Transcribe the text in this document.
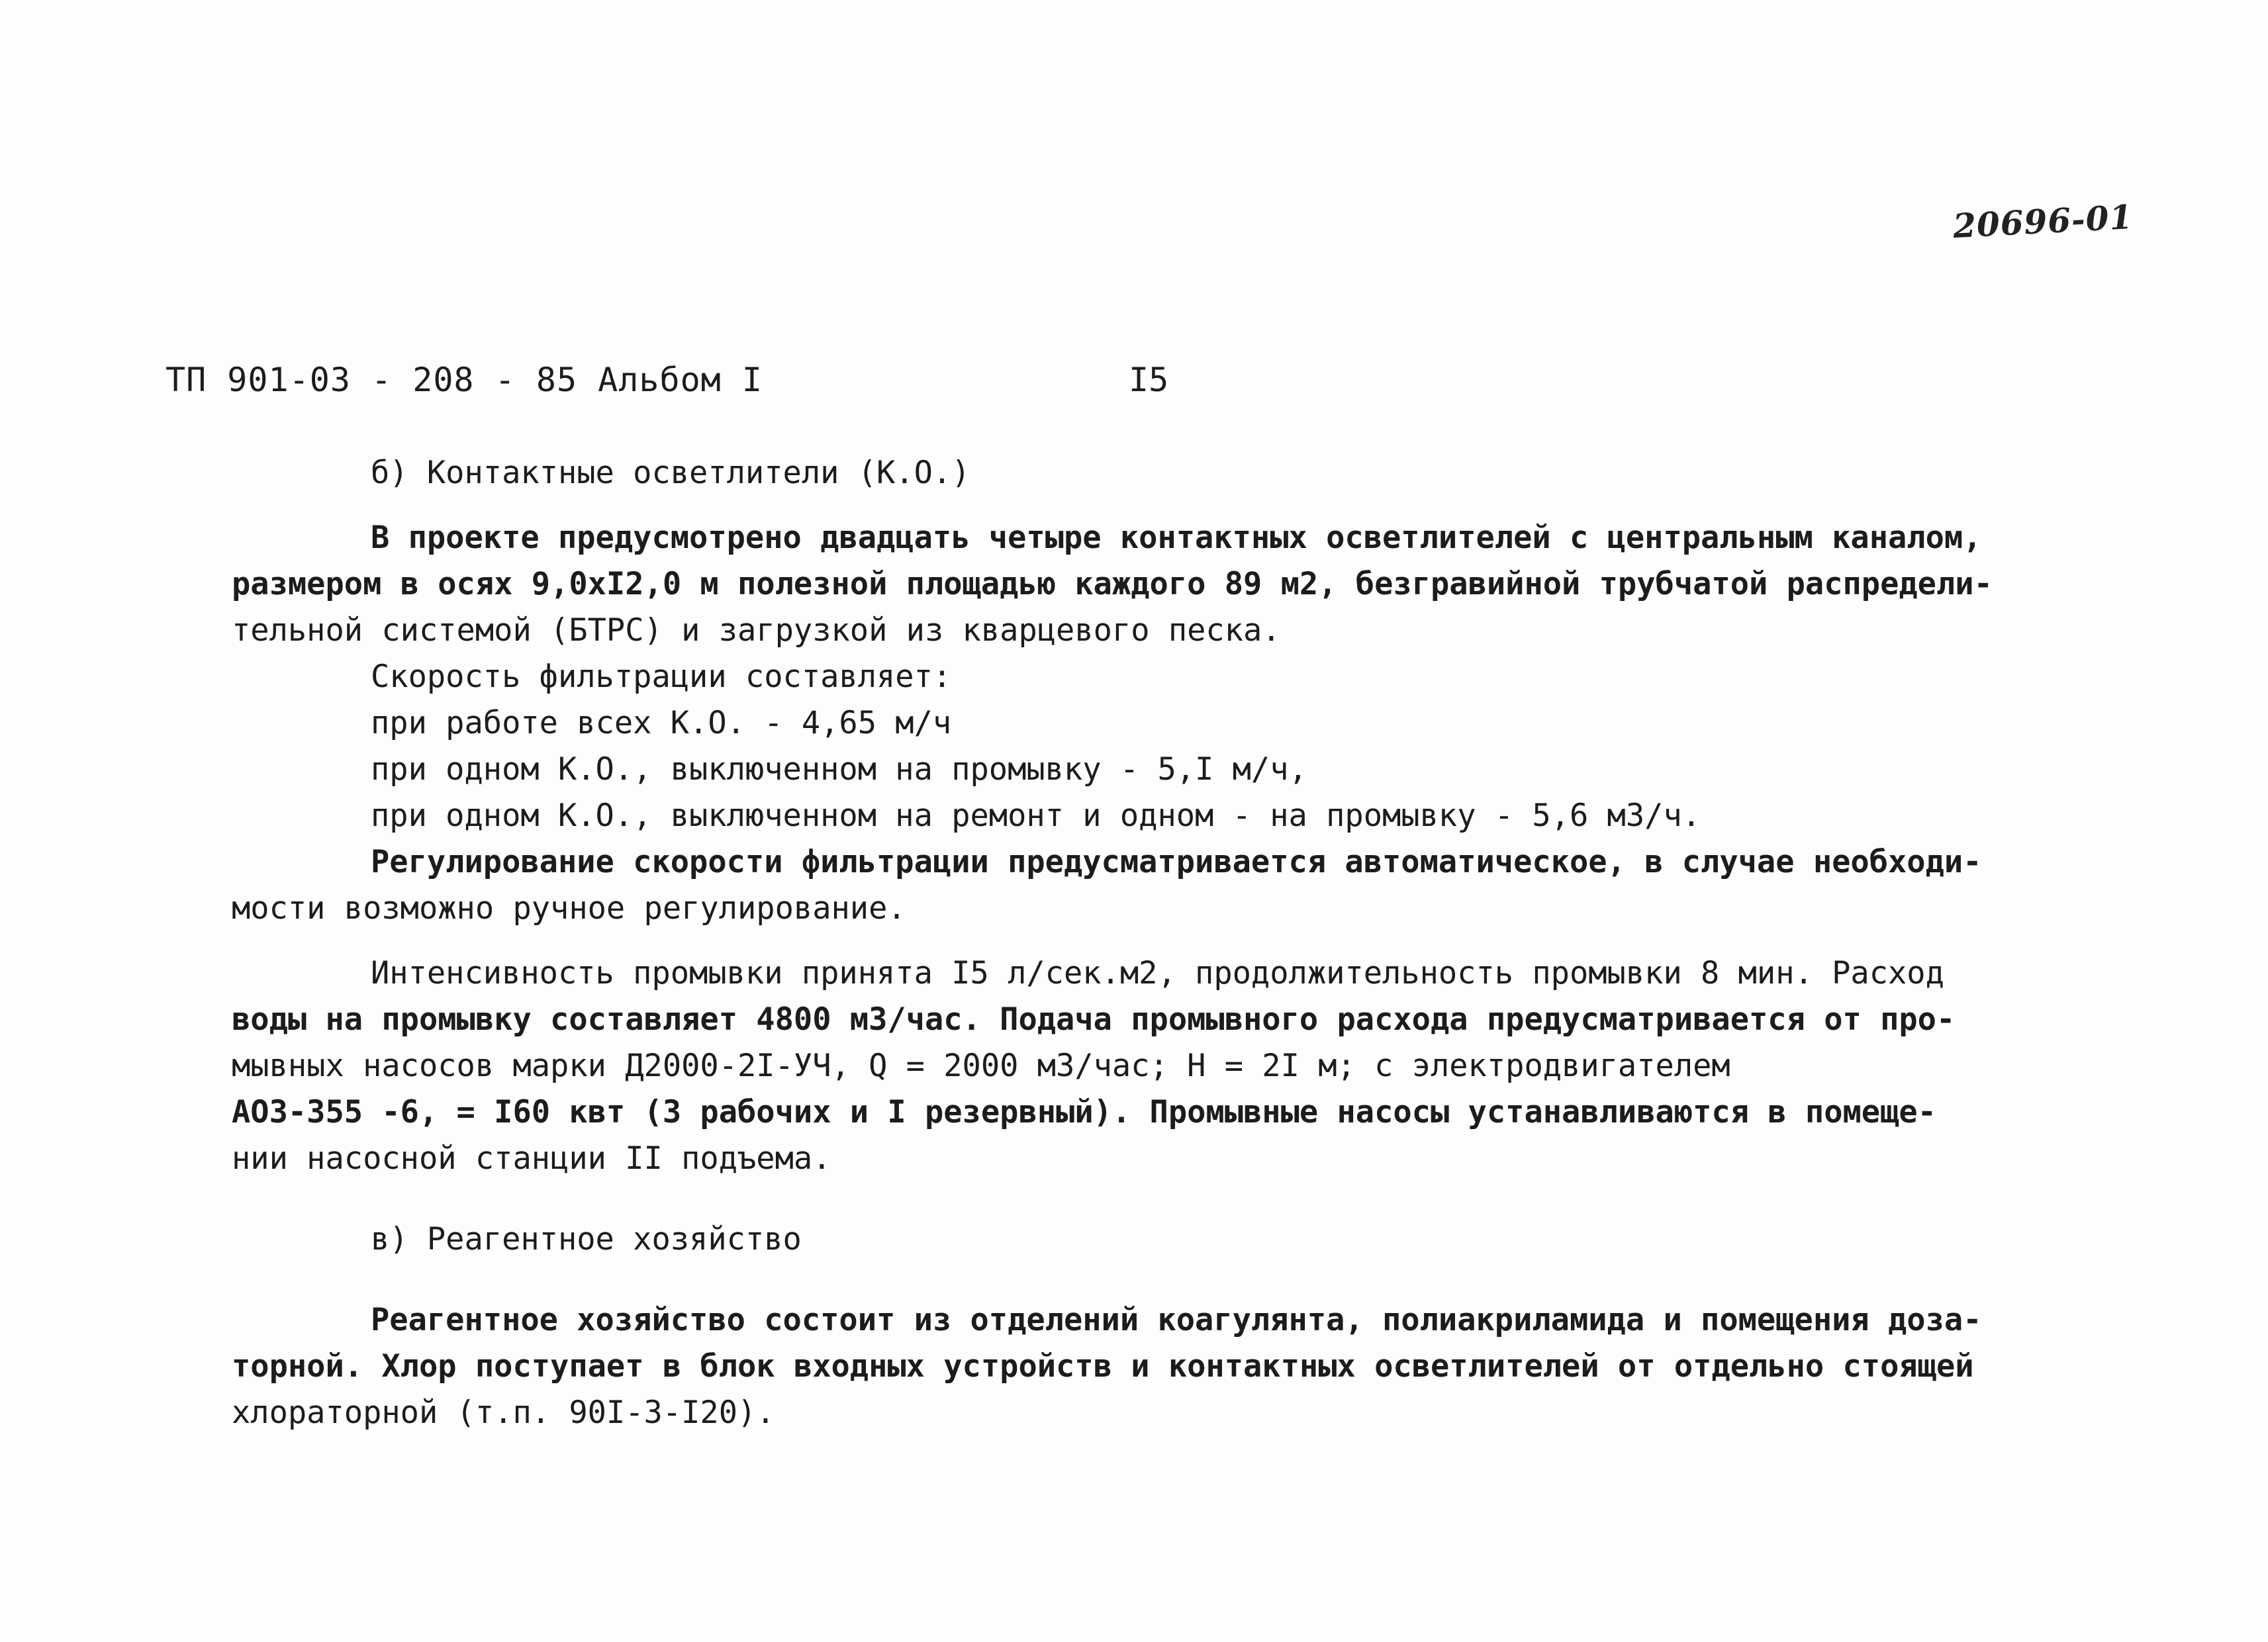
20696-01
ТП 901-03 - 208 - 85 Альбом I	I5

б) Контактные осветлители (К.О.)

В проекте предусмотрено двадцать четыре контактных осветлителей с центральным каналом,

размером в осях 9,0хI2,0 м полезной площадью каждого 89 м2, безгравийной трубчатой распредели-

тельной системой (БТРС) и загрузкой из кварцевого песка.

Скорость фильтрации составляет:

при работе всех К.О. - 4,65 м/ч

при одном К.О., выключенном на промывку - 5,I м/ч,

при одном К.О., выключенном на ремонт и одном - на промывку - 5,6 м3/ч.

Регулирование скорости фильтрации предусматривается автоматическое, в случае необходи-

мости возможно ручное регулирование.

Интенсивность промывки принята I5 л/сек.м2, продолжительность промывки 8 мин. Расход

воды на промывку составляет 4800 м3/час. Подача промывного расхода предусматривается от про-

мывных насосов марки Д2000-2I-УЧ, Q = 2000 м3/час; Н = 2I м; с электродвигателем

АОЗ-355 -6, = I60 квт (3 рабочих и I резервный). Промывные насосы устанавливаются в помеще-

нии насосной станции II подъема.

в) Реагентное хозяйство

Реагентное хозяйство состоит из отделений коагулянта, полиакриламида и помещения доза-

торной. Хлор поступает в блок входных устройств и контактных осветлителей от отдельно стоящей

хлораторной (т.п. 90I-3-I20).
